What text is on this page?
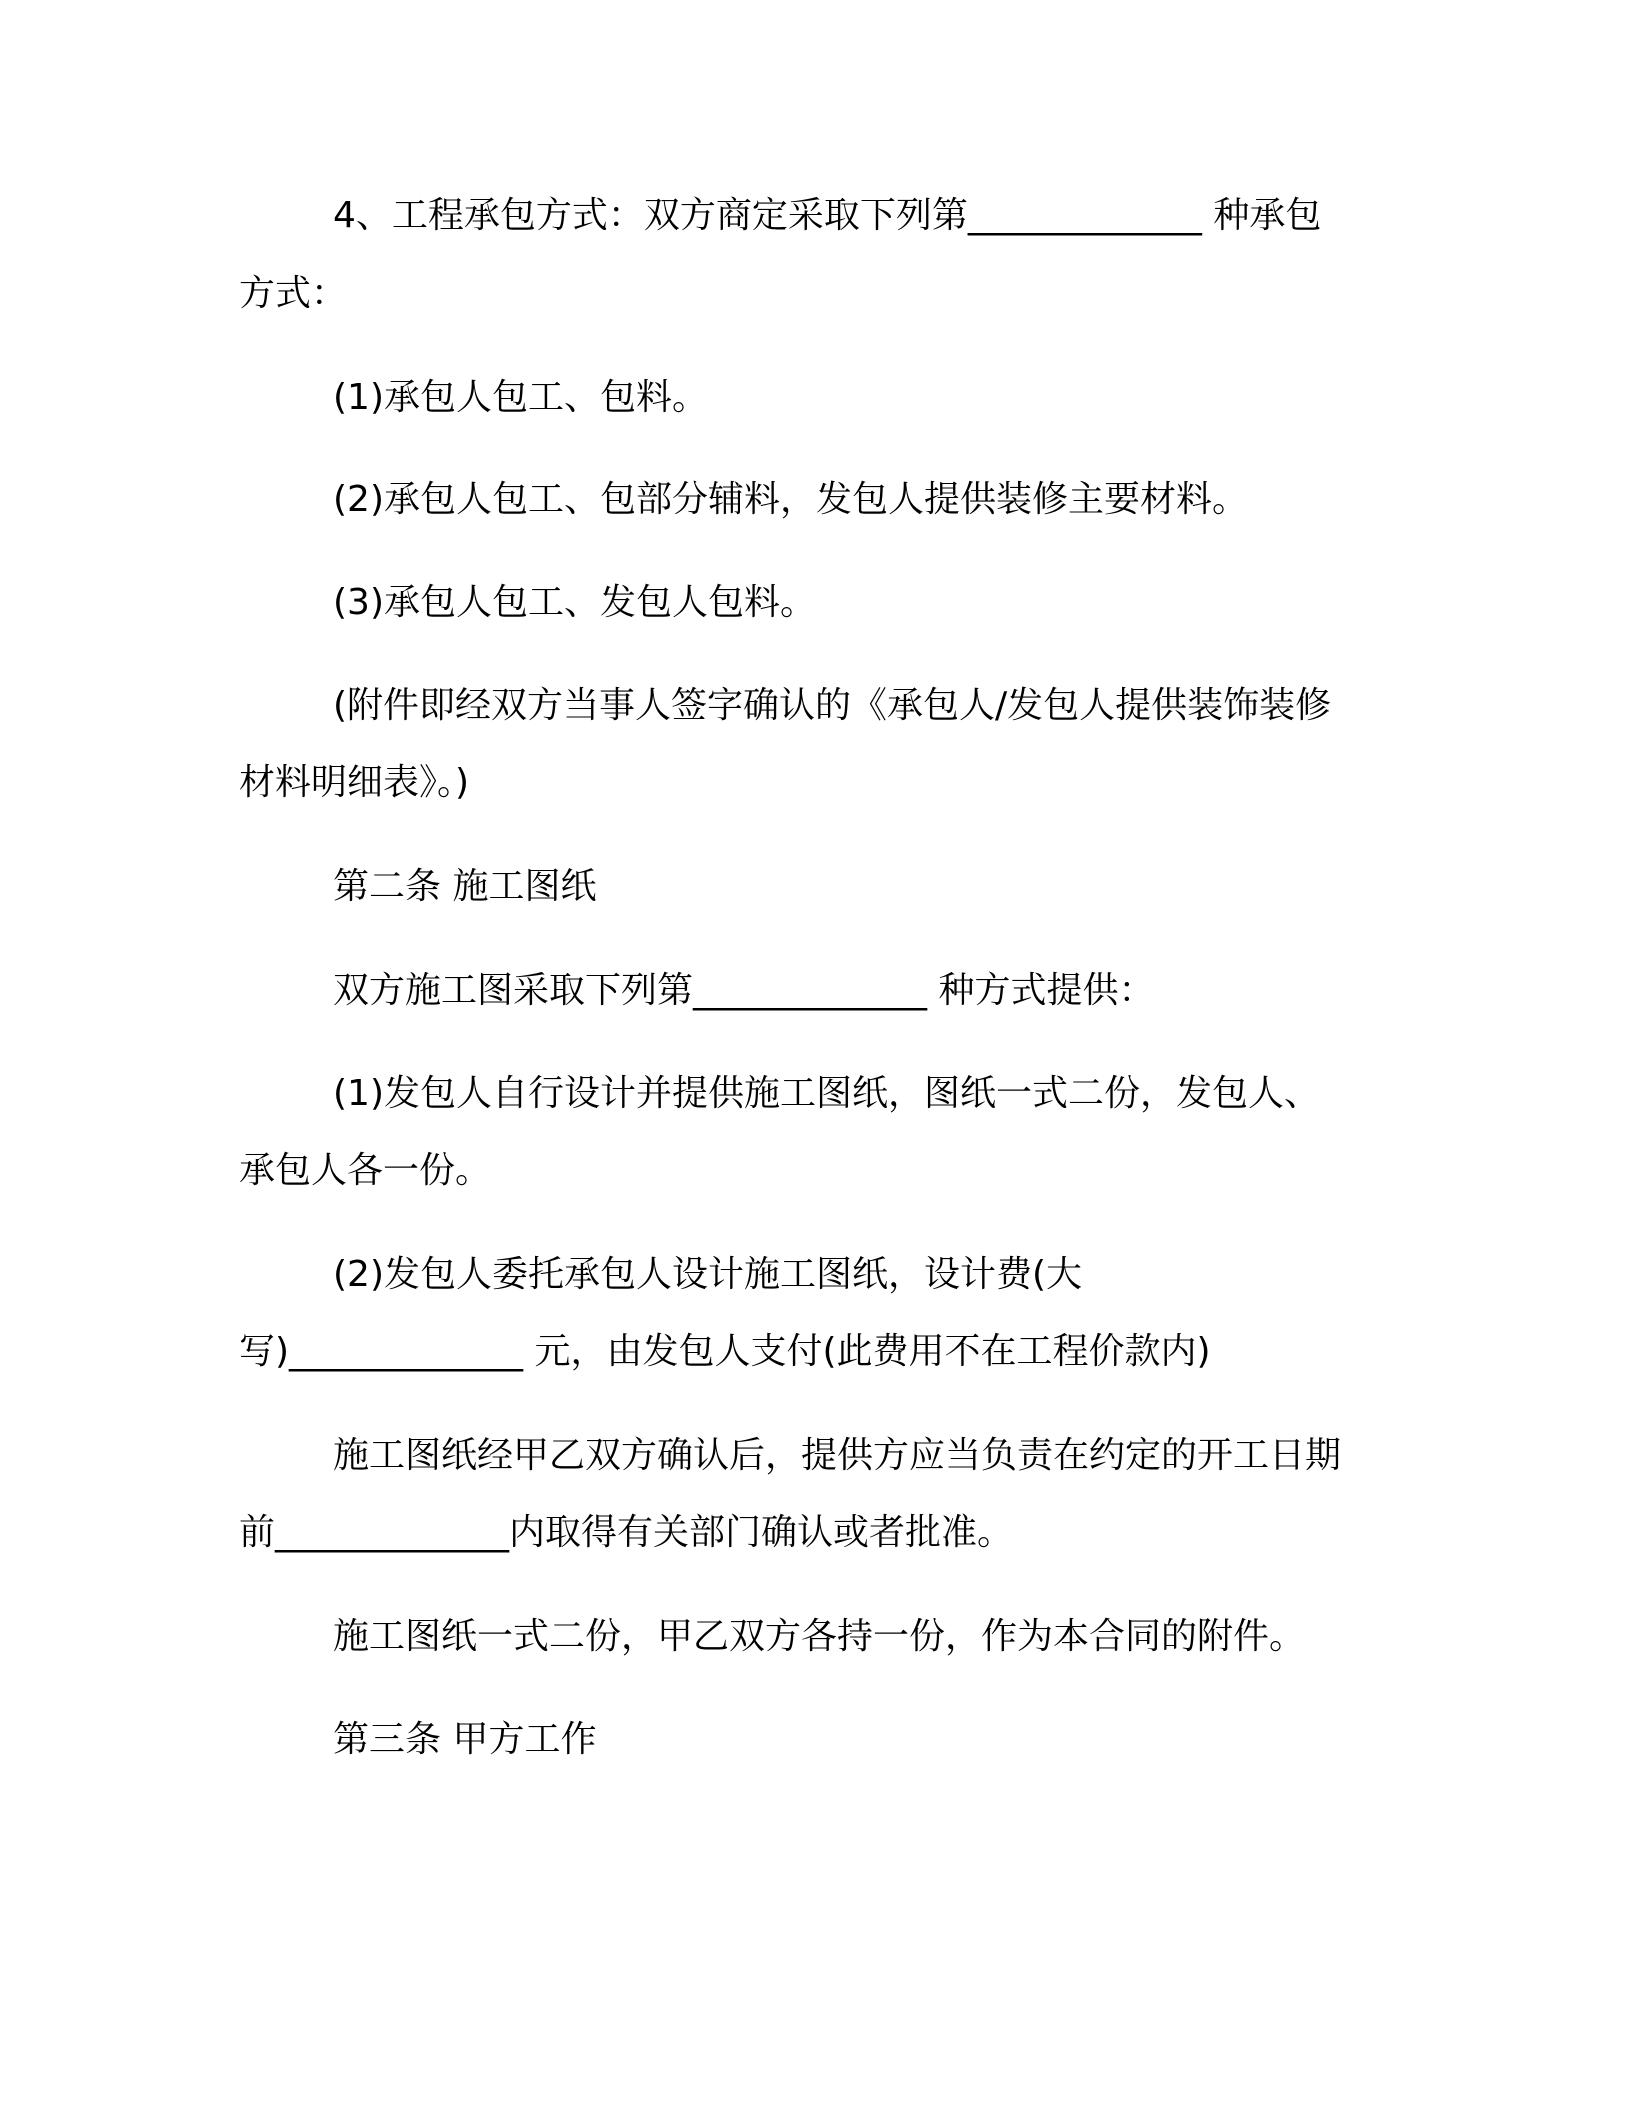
4、工程承包方式：双方商定采取下列第_____________ 种承包
方式：
(1)承包人包工、包料。
(2)承包人包工、包部分辅料，发包人提供装修主要材料。
(3)承包人包工、发包人包料。
(附件即经双方当事人签字确认的《承包人/发包人提供装饰装修
材料明细表》。)
第二条 施工图纸
双方施工图采取下列第_____________ 种方式提供：
(1)发包人自行设计并提供施工图纸，图纸一式二份，发包人、
承包人各一份。
(2)发包人委托承包人设计施工图纸，设计费(大
写)_____________ 元，由发包人支付(此费用不在工程价款内)
施工图纸经甲乙双方确认后，提供方应当负责在约定的开工日期
前_____________内取得有关部门确认或者批准。
施工图纸一式二份，甲乙双方各持一份，作为本合同的附件。
第三条 甲方工作
